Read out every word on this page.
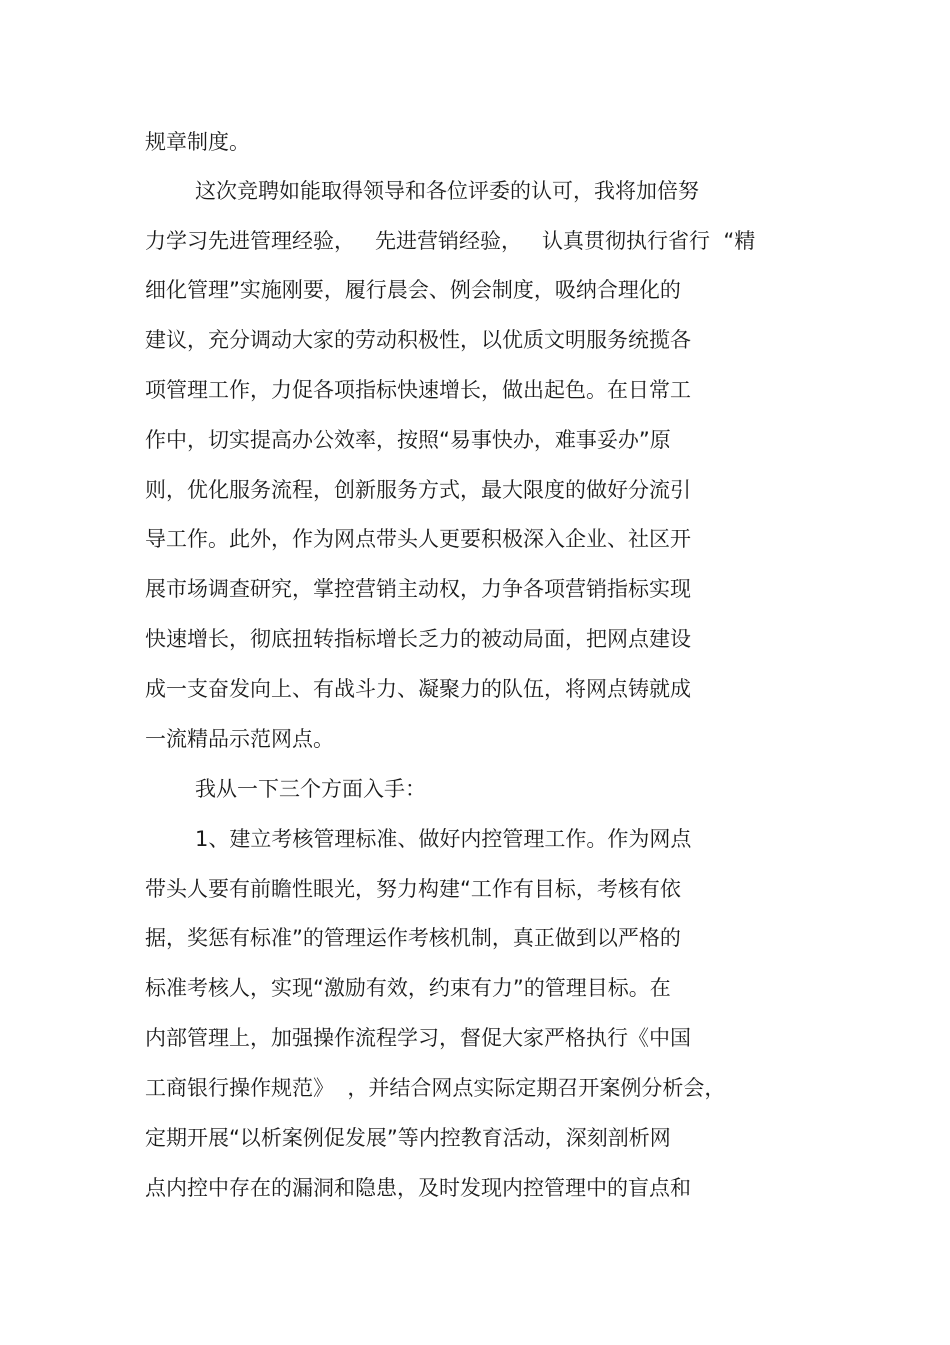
规章制度。
这次竞聘如能取得领导和各位评委的认可，我将加倍努
力学习先进管理经验，   先进营销经验，   认真贯彻执行省行  “精
细化管理”实施刚要，履行晨会、例会制度，吸纳合理化的
建议，充分调动大家的劳动积极性，以优质文明服务统揽各
项管理工作，力促各项指标快速增长，做出起色。在日常工
作中，切实提高办公效率，按照“易事快办，难事妥办”原
则，优化服务流程，创新服务方式，最大限度的做好分流引
导工作。此外，作为网点带头人更要积极深入企业、社区开
展市场调查研究，掌控营销主动权，力争各项营销指标实现
快速增长，彻底扭转指标增长乏力的被动局面，把网点建设
成一支奋发向上、有战斗力、凝聚力的队伍，将网点铸就成
一流精品示范网点。
我从一下三个方面入手：
1、建立考核管理标准、做好内控管理工作。作为网点
带头人要有前瞻性眼光，努力构建“工作有目标，考核有依
据，奖惩有标准”的管理运作考核机制，真正做到以严格的
标准考核人，实现“激励有效，约束有力”的管理目标。在
内部管理上，加强操作流程学习，督促大家严格执行《中国
工商银行操作规范》  ，并结合网点实际定期召开案例分析会，
定期开展“以析案例促发展”等内控教育活动，深刻剖析网
点内控中存在的漏洞和隐患，及时发现内控管理中的盲点和
